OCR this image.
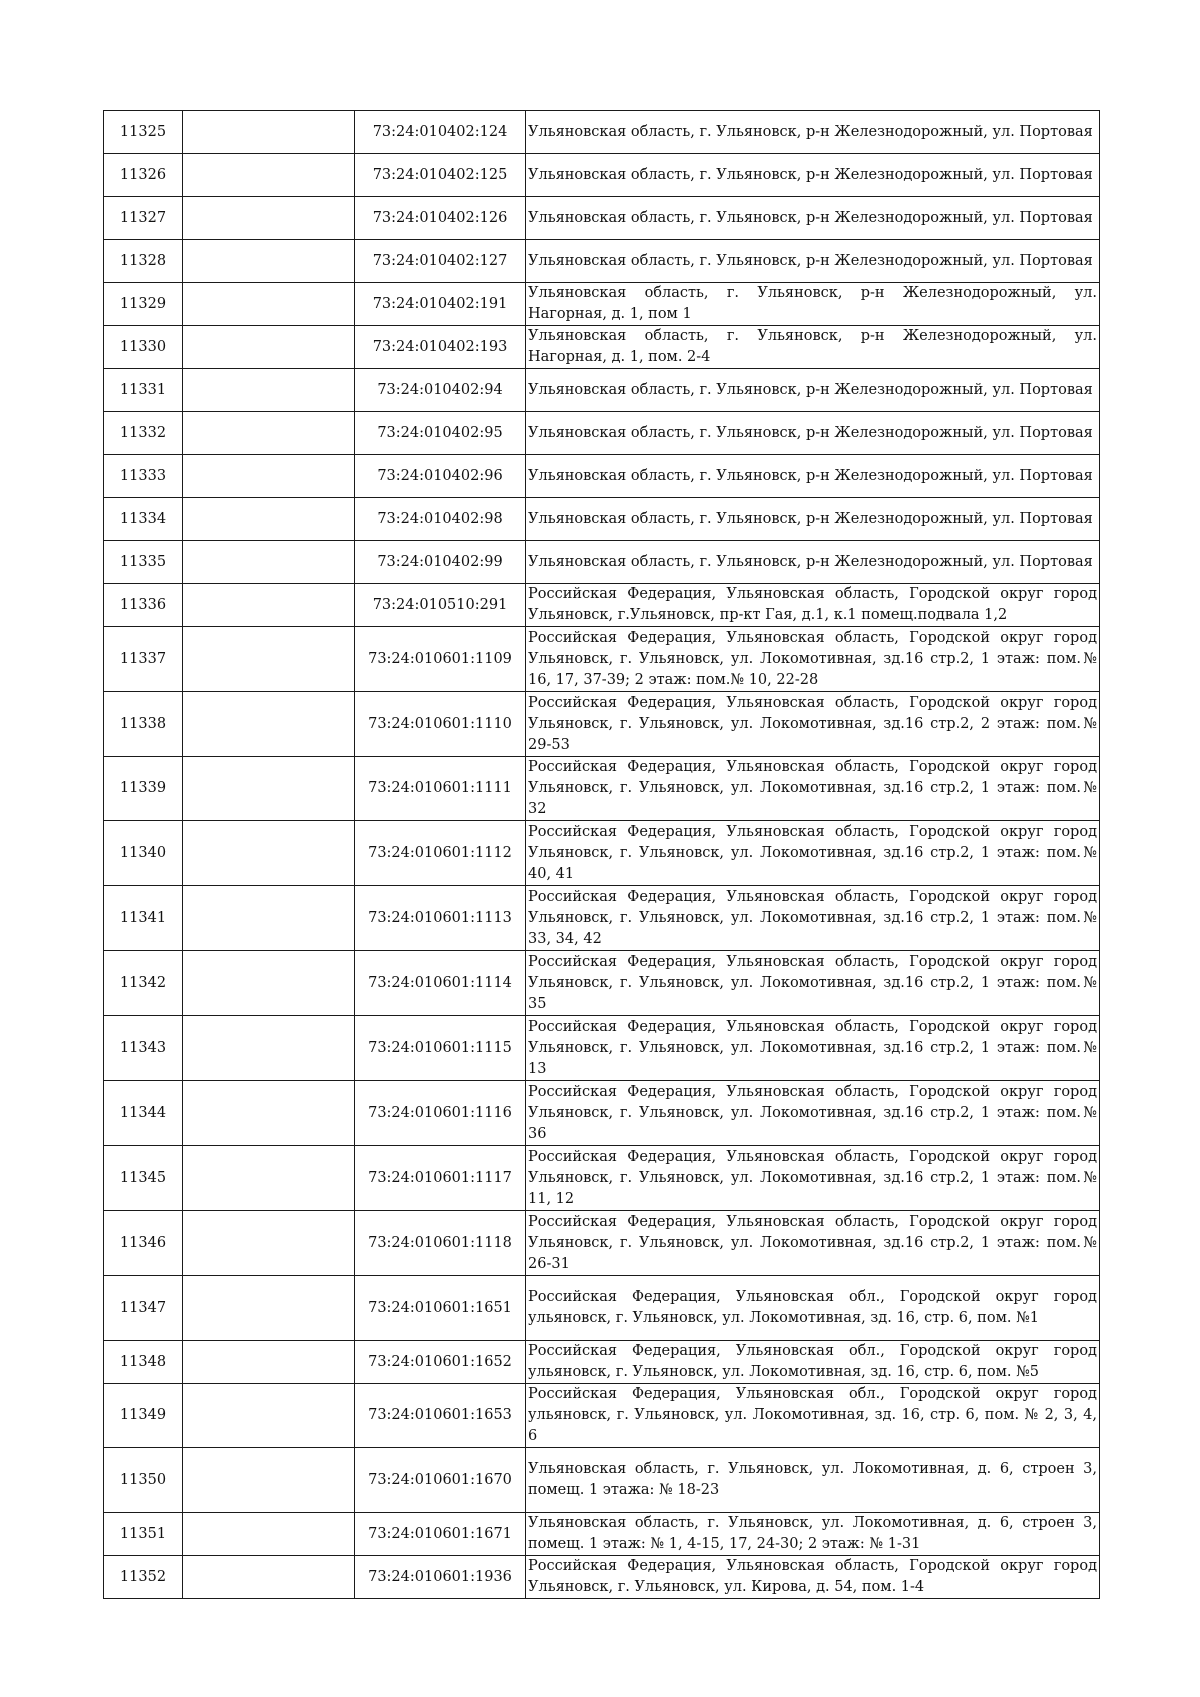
11325		73:24:010402:124	Ульяновская область, г. Ульяновск, р-н Железнодорожный, ул. Портовая
11326		73:24:010402:125	Ульяновская область, г. Ульяновск, р-н Железнодорожный, ул. Портовая
11327		73:24:010402:126	Ульяновская область, г. Ульяновск, р-н Железнодорожный, ул. Портовая
11328		73:24:010402:127	Ульяновская область, г. Ульяновск, р-н Железнодорожный, ул. Портовая
11329		73:24:010402:191	Ульяновская область, г. Ульяновск, р-н Железнодорожный, ул. Нагорная, д. 1, пом 1
11330		73:24:010402:193	Ульяновская область, г. Ульяновск, р-н Железнодорожный, ул. Нагорная, д. 1, пом. 2-4
11331		73:24:010402:94	Ульяновская область, г. Ульяновск, р-н Железнодорожный, ул. Портовая
11332		73:24:010402:95	Ульяновская область, г. Ульяновск, р-н Железнодорожный, ул. Портовая
11333		73:24:010402:96	Ульяновская область, г. Ульяновск, р-н Железнодорожный, ул. Портовая
11334		73:24:010402:98	Ульяновская область, г. Ульяновск, р-н Железнодорожный, ул. Портовая
11335		73:24:010402:99	Ульяновская область, г. Ульяновск, р-н Железнодорожный, ул. Портовая
11336		73:24:010510:291	Российская Федерация, Ульяновская область, Городской округ город Ульяновск, г.Ульяновск, пр-кт Гая, д.1, к.1 помещ.подвала 1,2
11337		73:24:010601:1109	Российская Федерация, Ульяновская область, Городской округ город Ульяновск, г. Ульяновск, ул. Локомотивная, зд.16 стр.2, 1 этаж: пом.№ 16, 17, 37-39; 2 этаж: пом.№ 10, 22-28
11338		73:24:010601:1110	Российская Федерация, Ульяновская область, Городской округ город Ульяновск, г. Ульяновск, ул. Локомотивная, зд.16 стр.2, 2 этаж: пом.№ 29-53
11339		73:24:010601:1111	Российская Федерация, Ульяновская область, Городской округ город Ульяновск, г. Ульяновск, ул. Локомотивная, зд.16 стр.2, 1 этаж: пом.№ 32
11340		73:24:010601:1112	Российская Федерация, Ульяновская область, Городской округ город Ульяновск, г. Ульяновск, ул. Локомотивная, зд.16 стр.2, 1 этаж: пом.№ 40, 41
11341		73:24:010601:1113	Российская Федерация, Ульяновская область, Городской округ город Ульяновск, г. Ульяновск, ул. Локомотивная, зд.16 стр.2, 1 этаж: пом.№ 33, 34, 42
11342		73:24:010601:1114	Российская Федерация, Ульяновская область, Городской округ город Ульяновск, г. Ульяновск, ул. Локомотивная, зд.16 стр.2, 1 этаж: пом.№ 35
11343		73:24:010601:1115	Российская Федерация, Ульяновская область, Городской округ город Ульяновск, г. Ульяновск, ул. Локомотивная, зд.16 стр.2, 1 этаж: пом.№ 13
11344		73:24:010601:1116	Российская Федерация, Ульяновская область, Городской округ город Ульяновск, г. Ульяновск, ул. Локомотивная, зд.16 стр.2, 1 этаж: пом.№ 36
11345		73:24:010601:1117	Российская Федерация, Ульяновская область, Городской округ город Ульяновск, г. Ульяновск, ул. Локомотивная, зд.16 стр.2, 1 этаж: пом.№ 11, 12
11346		73:24:010601:1118	Российская Федерация, Ульяновская область, Городской округ город Ульяновск, г. Ульяновск, ул. Локомотивная, зд.16 стр.2, 1 этаж: пом.№ 26-31
11347		73:24:010601:1651	Российская Федерация, Ульяновская обл., Городской округ город ульяновск, г. Ульяновск, ул. Локомотивная, зд. 16, стр. 6, пом. №1
11348		73:24:010601:1652	Российская Федерация, Ульяновская обл., Городской округ город ульяновск, г. Ульяновск, ул. Локомотивная, зд. 16, стр. 6, пом. №5
11349		73:24:010601:1653	Российская Федерация, Ульяновская обл., Городской округ город ульяновск, г. Ульяновск, ул. Локомотивная, зд. 16, стр. 6, пом. № 2, 3, 4, 6
11350		73:24:010601:1670	Ульяновская область, г. Ульяновск, ул. Локомотивная, д. 6, строен 3, помещ. 1 этажа: № 18-23
11351		73:24:010601:1671	Ульяновская область, г. Ульяновск, ул. Локомотивная, д. 6, строен 3, помещ. 1 этаж: № 1, 4-15, 17, 24-30; 2 этаж: № 1-31
11352		73:24:010601:1936	Российская Федерация, Ульяновская область, Городской округ город Ульяновск, г. Ульяновск, ул. Кирова, д. 54, пом. 1-4
